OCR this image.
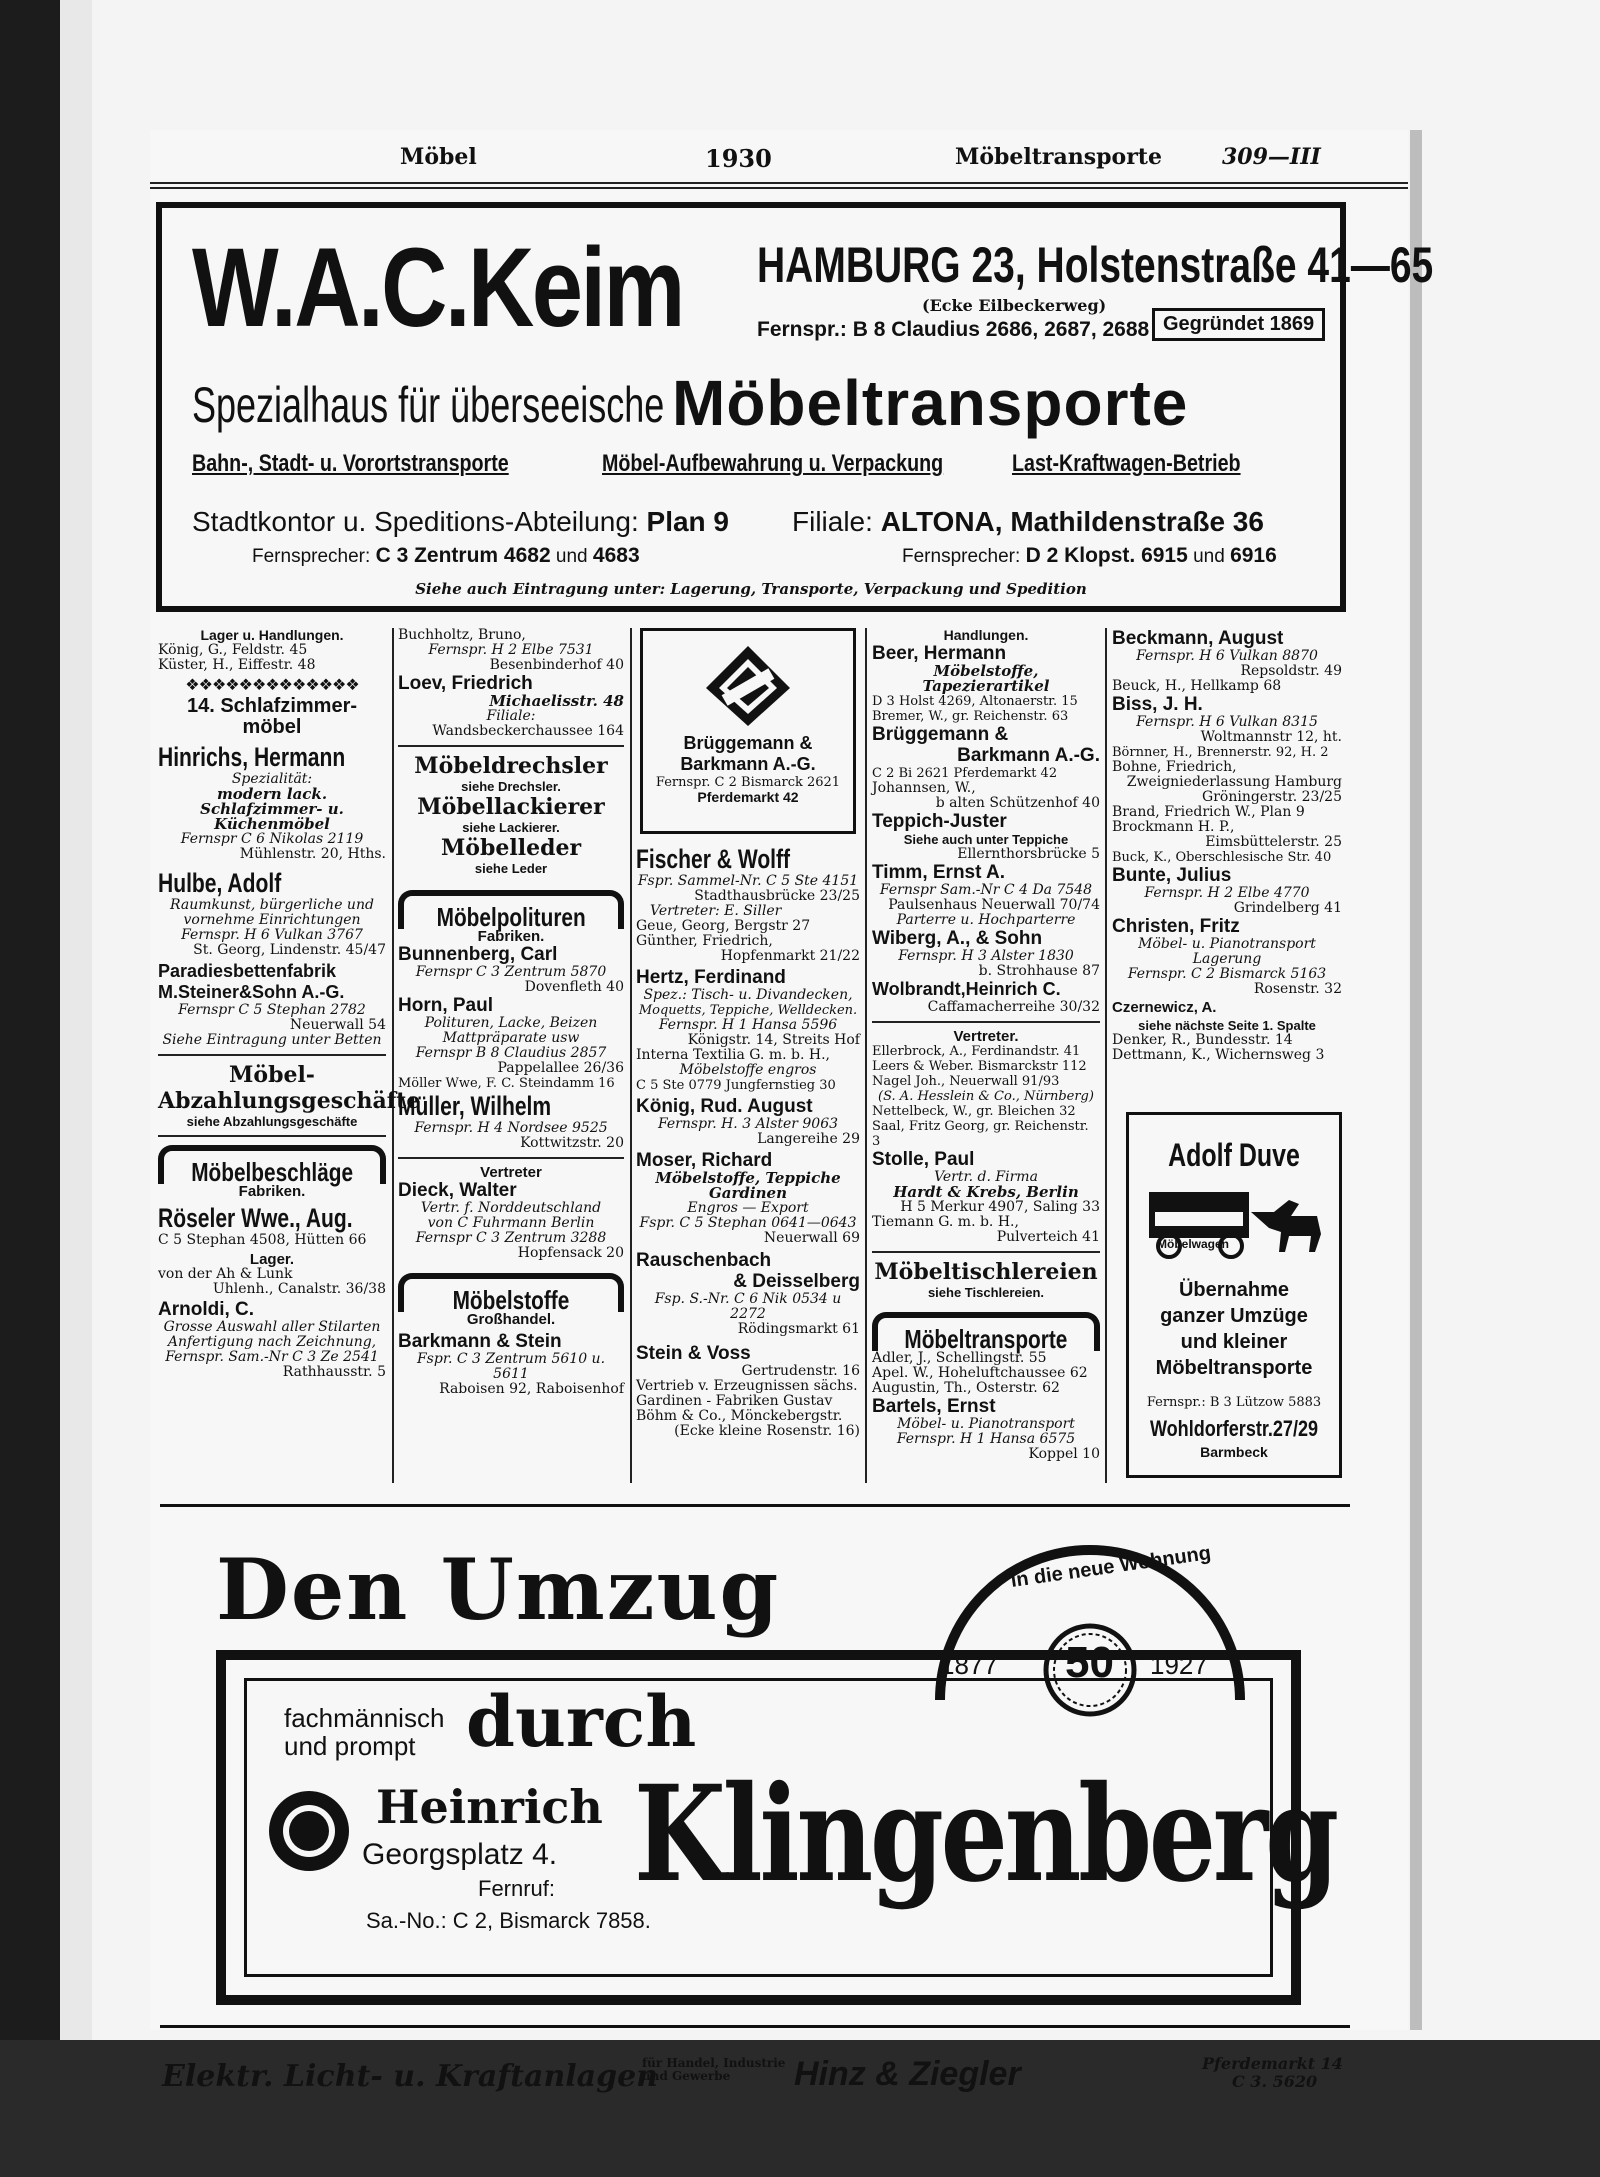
Möbel	1930	Möbeltransporte	309—III
W.A.C.Keim HAMBURG 23, Holstenstraße 41—65
(Ecke Eilbeckerweg)
Fernspr.: B 8 Claudius 2686, 2687, 2688 Gegründet 1869
Spezialhaus für überseeische Möbeltransporte
Bahn-, Stadt- u. Vorortstransporte	Möbel-Aufbewahrung u. Verpackung	Last-Kraftwagen-Betrieb
Stadtkontor u. Speditions-Abteilung: Plan 9 Filiale: ALTONA, Mathildenstraße 36
Fernsprecher: C 3 Zentrum 4682 und 4683	Fernsprecher: D 2 Klopst. 6915 und 6916
Siehe auch Eintragung unter: Lagerung, Transporte, Verpackung und Spedition

Lager u. Handlungen.

König, G., Feldstr. 45

Küster, H., Eiffestr. 48

❖❖❖❖❖❖❖❖❖❖❖❖❖

14. Schlafzimmer-

möbel

Hinrichs, Hermann

Spezialität:

modern lack.

Schlafzimmer- u.

Küchenmöbel

Fernspr C 6 Nikolas 2119

Mühlenstr. 20, Hths.

Hulbe, Adolf

Raumkunst, bürgerliche und

vornehme Einrichtungen

Fernspr. H 6 Vulkan 3767

St. Georg, Lindenstr. 45/47

Paradiesbettenfabrik

M.Steiner&Sohn A.-G.

Fernspr C 5 Stephan 2782

Neuerwall 54

Siehe Eintragung unter Betten

Möbel-

Abzahlungsgeschäfte

siehe Abzahlungsgeschäfte

Möbelbeschläge

Fabriken.

Röseler Wwe., Aug.

C 5 Stephan 4508, Hütten 66

Lager.

von der Ah & Lunk

Uhlenh., Canalstr. 36/38

Arnoldi, C.

Grosse Auswahl aller Stilarten

Anfertigung nach Zeichnung,

Fernspr. Sam.-Nr C 3 Ze 2541

Rathhausstr. 5

Buchholtz, Bruno,

Fernspr. H 2 Elbe 7531

Besenbinderhof 40

Loev, Friedrich

Michaelisstr. 48

Filiale:

Wandsbeckerchaussee 164

Möbeldrechsler

siehe Drechsler.

Möbellackierer

siehe Lackierer.

Möbelleder

siehe Leder

Möbelpolituren

Fabriken.

Bunnenberg, Carl

Fernspr C 3 Zentrum 5870

Dovenfleth 40

Horn, Paul

Polituren, Lacke, Beizen

Mattpräparate usw

Fernspr B 8 Claudius 2857

Pappelallee 26/36

Möller Wwe, F. C. Steindamm 16

Müller, Wilhelm

Fernspr. H 4 Nordsee 9525

Kottwitzstr. 20

Vertreter

Dieck, Walter

Vertr. f. Norddeutschland

von C Fuhrmann Berlin

Fernspr C 3 Zentrum 3288

Hopfensack 20

Möbelstoffe

Großhandel.

Barkmann & Stein

Fspr. C 3 Zentrum 5610 u. 5611

Raboisen 92, Raboisenhof

Brüggemann &

Barkmann A.-G.

Fernspr. C 2 Bismarck 2621

Pferdemarkt 42

Fischer & Wolff

Fspr. Sammel-Nr. C 5 Ste 4151

Stadthausbrücke 23/25

Vertreter: E. Siller

Geue, Georg, Bergstr 27

Günther, Friedrich,

Hopfenmarkt 21/22

Hertz, Ferdinand

Spez.: Tisch- u. Divandecken,

Moquetts, Teppiche, Welldecken.

Fernspr. H 1 Hansa 5596

Königstr. 14, Streits Hof

Interna Textilia G. m. b. H.,

Möbelstoffe engros

C 5 Ste 0779 Jungfernstieg 30

König, Rud. August

Fernspr. H. 3 Alster 9063

Langereihe 29

Moser, Richard

Möbelstoffe, Teppiche

Gardinen

Engros — Export

Fspr. C 5 Stephan 0641—0643

Neuerwall 69

Rauschenbach

& Deisselberg

Fsp. S.-Nr. C 6 Nik 0534 u 2272

Rödingsmarkt 61

Stein & Voss

Gertrudenstr. 16

Vertrieb v. Erzeugnissen sächs.

Gardinen - Fabriken Gustav

Böhm & Co., Mönckebergstr.

(Ecke kleine Rosenstr. 16)

Handlungen.

Beer, Hermann

Möbelstoffe,

Tapezierartikel

D 3 Holst 4269, Altonaerstr. 15

Bremer, W., gr. Reichenstr. 63

Brüggemann &

Barkmann A.-G.

C 2 Bi 2621 Pferdemarkt 42

Johannsen, W.,

b alten Schützenhof 40

Teppich-Juster

Siehe auch unter Teppiche

Ellernthorsbrücke 5

Timm, Ernst A.

Fernspr Sam.-Nr C 4 Da 7548

Paulsenhaus Neuerwall 70/74

Parterre u. Hochparterre

Wiberg, A., & Sohn

Fernspr. H 3 Alster 1830

b. Strohhause 87

Wolbrandt,Heinrich C.

Caffamacherreihe 30/32

Vertreter.

Ellerbrock, A., Ferdinandstr. 41

Leers & Weber. Bismarckstr 112

Nagel Joh., Neuerwall 91/93

(S. A. Hesslein & Co., Nürnberg)

Nettelbeck, W., gr. Bleichen 32

Saal, Fritz Georg, gr. Reichenstr. 3

Stolle, Paul

Vertr. d. Firma

Hardt & Krebs, Berlin

H 5 Merkur 4907, Saling 33

Tiemann G. m. b. H.,

Pulverteich 41

Möbeltischlereien

siehe Tischlereien.

Möbeltransporte

Adler, J., Schellingstr. 55

Apel. W., Hoheluftchaussee 62

Augustin, Th., Osterstr. 62

Bartels, Ernst

Möbel- u. Pianotransport

Fernspr. H 1 Hansa 6575

Koppel 10

Beckmann, August

Fernspr. H 6 Vulkan 8870

Repsoldstr. 49

Beuck, H., Hellkamp 68

Biss, J. H.

Fernspr. H 6 Vulkan 8315

Woltmannstr 12, ht.

Börnner, H., Brennerstr. 92, H. 2

Bohne, Friedrich,

Zweigniederlassung Hamburg

Gröningerstr. 23/25

Brand, Friedrich W., Plan 9

Brockmann H. P.,

Eimsbüttelerstr. 25

Buck, K., Oberschlesische Str. 40

Bunte, Julius

Fernspr. H 2 Elbe 4770

Grindelberg 41

Christen, Fritz

Möbel- u. Pianotransport

Lagerung

Fernspr. C 2 Bismarck 5163

Rosenstr. 32

Czernewicz, A.

siehe nächste Seite 1. Spalte

Denker, R., Bundesstr. 14

Dettmann, K., Wichernsweg 3

Adolf Duve

Möbelwagen

Übernahme

ganzer Umzüge

und kleiner

Möbeltransporte

Fernspr.: B 3 Lützow 5883

Wohldorferstr.27/29

Barmbeck

Den Umzug	in die neue Wohnung
1877 50 1927
fachmännisch
und prompt durch
Heinrich
Georgsplatz 4.
Fernruf:
Sa.-No.: C 2, Bismarck 7858.
Klingenberg
Elektr. Licht- u. Kraftanlagen
für Handel, Industrie
und Gewerbe Hinz & Ziegler	Pferdemarkt 14
C 3. 5620
